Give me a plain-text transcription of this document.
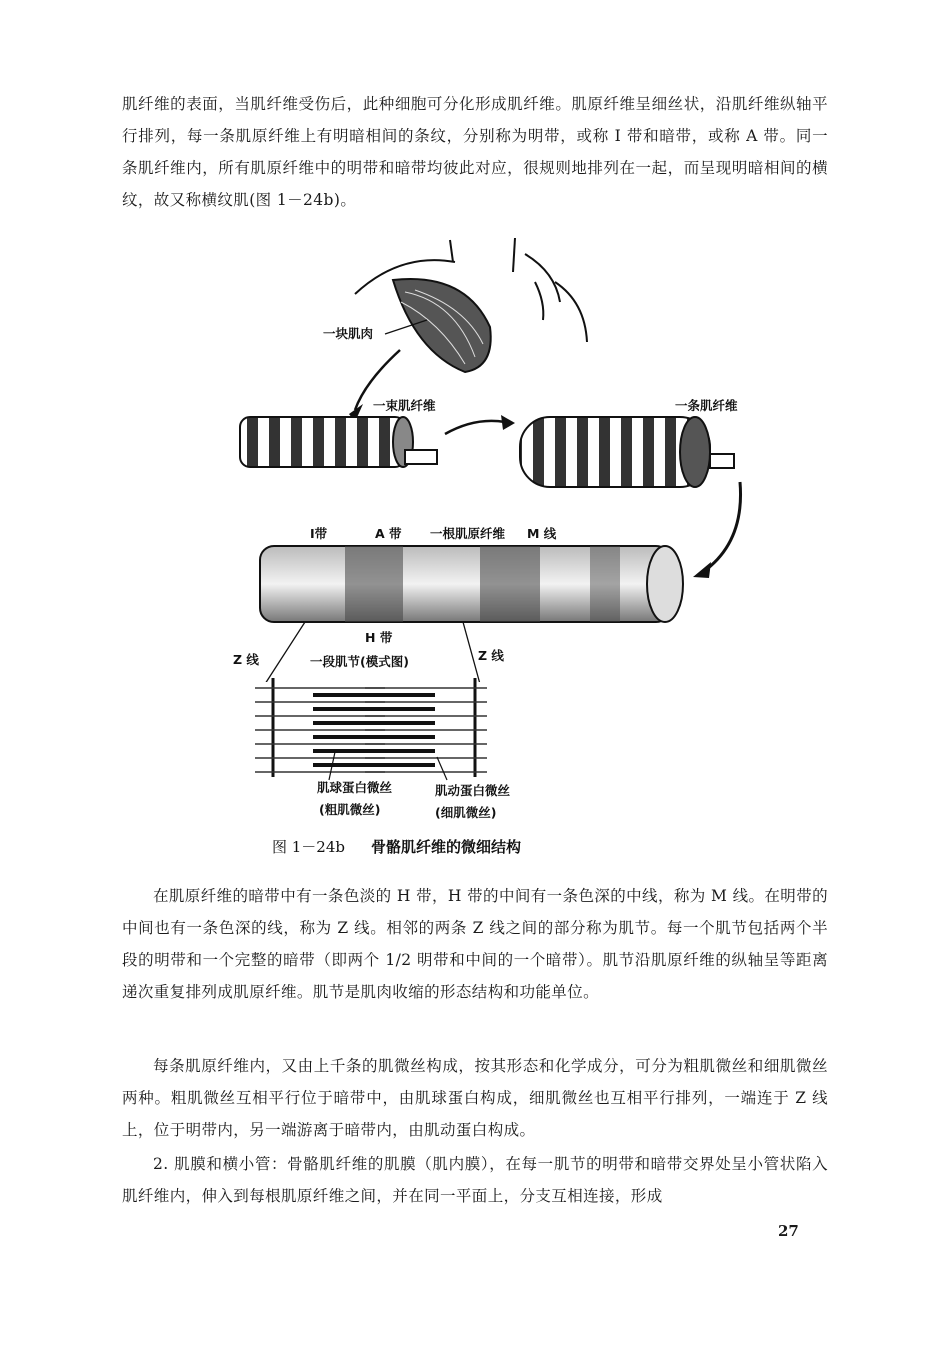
肌纤维的表面，当肌纤维受伤后，此种细胞可分化形成肌纤维。肌原纤维呈细丝状，沿肌纤维纵轴平行排列，每一条肌原纤维上有明暗相间的条纹，分别称为明带，或称 I 带和暗带，或称 A 带。同一条肌纤维内，所有肌原纤维中的明带和暗带均彼此对应，很规则地排列在一起，而呈现明暗相间的横纹，故又称横纹肌(图 1－24b)。

一块肌肉
一束肌纤维	一条肌纤维
I带	A 带 一根肌原纤维 M 线
H 带
Z 线	一段肌节(模式图)	Z 线
肌球蛋白微丝
(粗肌微丝)
肌动蛋白微丝
(细肌微丝)
图 1－24b 骨骼肌纤维的微细结构

在肌原纤维的暗带中有一条色淡的 H 带，H 带的中间有一条色深的中线，称为 M 线。在明带的中间也有一条色深的线，称为 Z 线。相邻的两条 Z 线之间的部分称为肌节。每一个肌节包括两个半段的明带和一个完整的暗带（即两个 1/2 明带和中间的一个暗带）。肌节沿肌原纤维的纵轴呈等距离递次重复排列成肌原纤维。肌节是肌肉收缩的形态结构和功能单位。

每条肌原纤维内，又由上千条的肌微丝构成，按其形态和化学成分，可分为粗肌微丝和细肌微丝两种。粗肌微丝互相平行位于暗带中，由肌球蛋白构成，细肌微丝也互相平行排列，一端连于 Z 线上，位于明带内，另一端游离于暗带内，由肌动蛋白构成。

2. 肌膜和横小管：骨骼肌纤维的肌膜（肌内膜），在每一肌节的明带和暗带交界处呈小管状陷入肌纤维内，伸入到每根肌原纤维之间，并在同一平面上，分支互相连接，形成

27
